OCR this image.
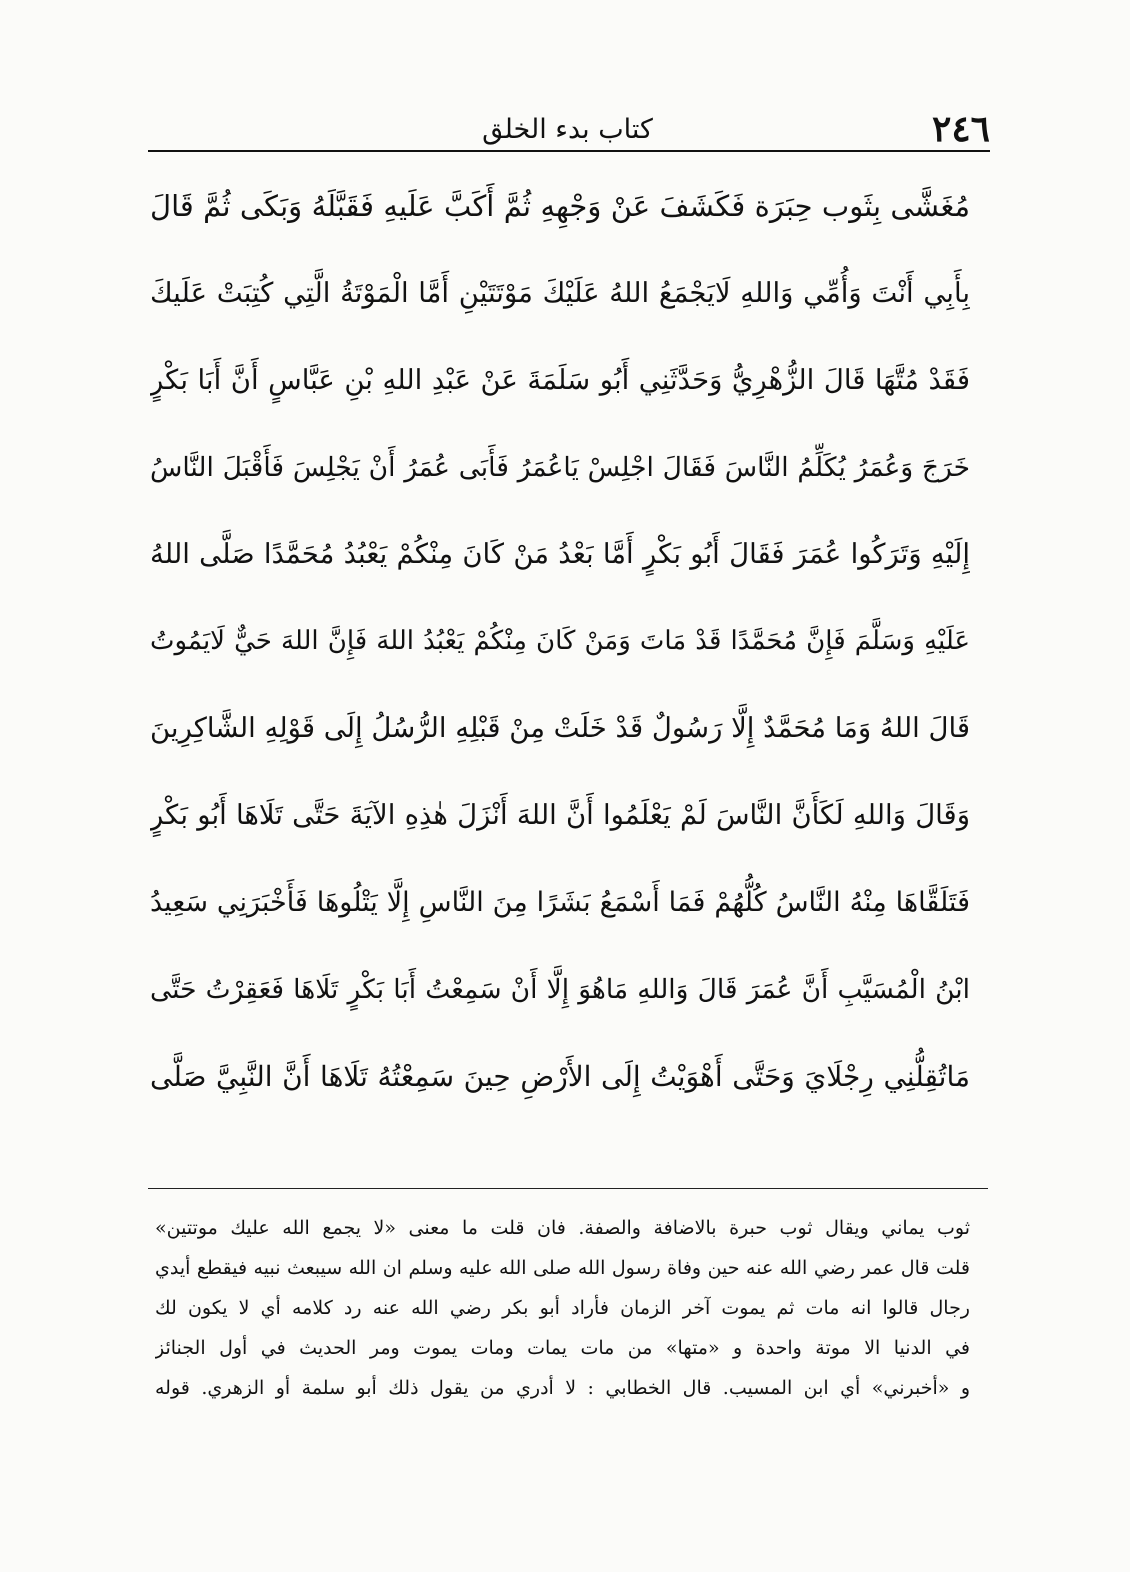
٢٤٦
كتاب بدء الخلق
مُغَشَّى بِثَوب حِبَرَة فَكَشَفَ عَنْ وَجْهِهِ ثُمَّ أَكَبَّ عَلَيهِ فَقَبَّلَهُ وَبَكَى ثُمَّ قَالَ
بِأَبِي أَنْتَ وَأُمِّي وَاللهِ لَايَجْمَعُ اللهُ عَلَيْكَ مَوْتَتَيْنِ أَمَّا الْمَوْتَةُ الَّتِي كُتِبَتْ عَلَيكَ
فَقَدْ مُتَّهَا قَالَ الزُّهْرِيُّ وَحَدَّثَنِي أَبُو سَلَمَةَ عَنْ عَبْدِ اللهِ بْنِ عَبَّاسٍ أَنَّ أَبَا بَكْرٍ
خَرَجَ وَعُمَرُ يُكَلِّمُ النَّاسَ فَقَالَ اجْلِسْ يَاعُمَرُ فَأَبَى عُمَرُ أَنْ يَجْلِسَ فَأَقْبَلَ النَّاسُ
إِلَيْهِ وَتَرَكُوا عُمَرَ فَقَالَ أَبُو بَكْرٍ أَمَّا بَعْدُ مَنْ كَانَ مِنْكُمْ يَعْبُدُ مُحَمَّدًا صَلَّى اللهُ
عَلَيْهِ وَسَلَّمَ فَإِنَّ مُحَمَّدًا قَدْ مَاتَ وَمَنْ كَانَ مِنْكُمْ يَعْبُدُ اللهَ فَإِنَّ اللهَ حَيٌّ لَايَمُوتُ
قَالَ اللهُ وَمَا مُحَمَّدٌ إِلَّا رَسُولٌ قَدْ خَلَتْ مِنْ قَبْلِهِ الرُّسُلُ إِلَى قَوْلِهِ الشَّاكِرِينَ
وَقَالَ وَاللهِ لَكَأَنَّ النَّاسَ لَمْ يَعْلَمُوا أَنَّ اللهَ أَنْزَلَ هٰذِهِ الآيَةَ حَتَّى تَلَاهَا أَبُو بَكْرٍ
فَتَلَقَّاهَا مِنْهُ النَّاسُ كُلُّهُمْ فَمَا أَسْمَعُ بَشَرًا مِنَ النَّاسِ إِلَّا يَتْلُوهَا فَأَخْبَرَنِي سَعِيدُ
ابْنُ الْمُسَيَّبِ أَنَّ عُمَرَ قَالَ وَاللهِ مَاهُوَ إِلَّا أَنْ سَمِعْتُ أَبَا بَكْرٍ تَلَاهَا فَعَقِرْتُ حَتَّى
مَاتُقِلُّنِي رِجْلَايَ وَحَتَّى أَهْوَيْتُ إِلَى الأَرْضِ حِينَ سَمِعْتُهُ تَلَاهَا أَنَّ النَّبِيَّ صَلَّى
ثوب يماني ويقال ثوب حبرة بالاضافة والصفة. فان قلت ما معنى «لا يجمع الله عليك موتتين»
قلت قال عمر رضي الله عنه حين وفاة رسول الله صلى الله عليه وسلم ان الله سيبعث نبيه فيقطع أيدي
رجال قالوا انه مات ثم يموت آخر الزمان فأراد أبو بكر رضي الله عنه رد كلامه أي لا يكون لك
في الدنيا الا موتة واحدة و «متها» من مات يمات ومات يموت ومر الحديث في أول الجنائز
و «أخبرني» أي ابن المسيب. قال الخطابي : لا أدري من يقول ذلك أبو سلمة أو الزهري. قوله
